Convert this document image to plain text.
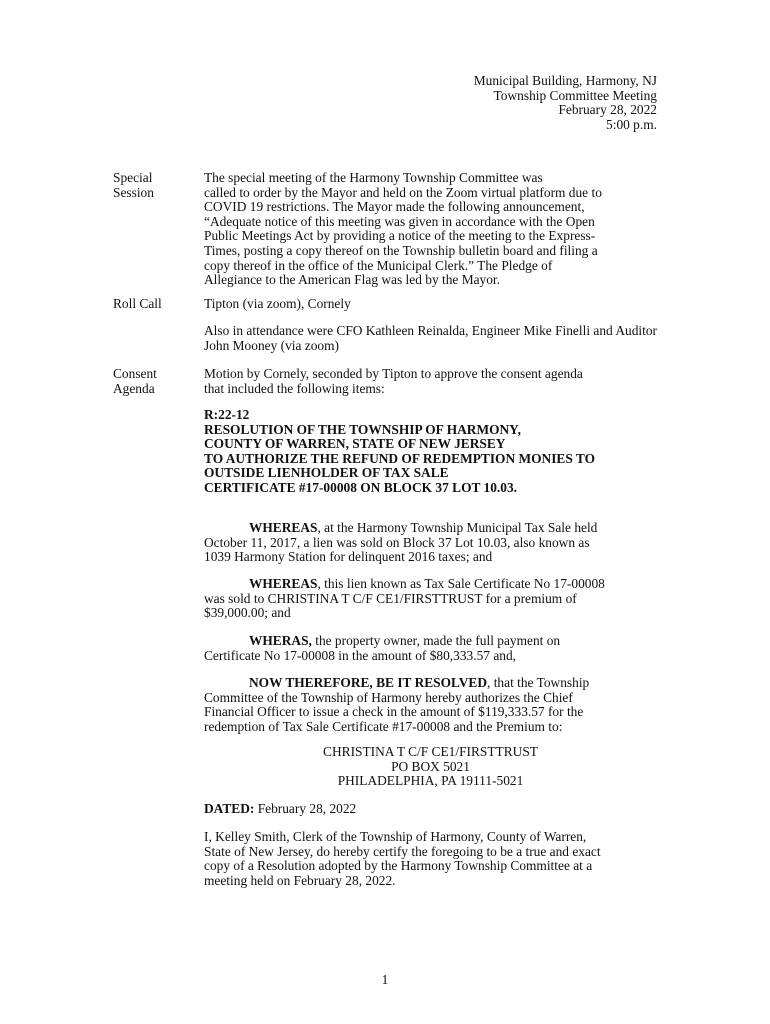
Municipal Building, Harmony, NJ
Township Committee Meeting
February 28, 2022
5:00 p.m.
Special
Session
The special meeting of the Harmony Township Committee was
called to order by the Mayor and held on the Zoom virtual platform due to
COVID 19 restrictions. The Mayor made the following announcement,
“Adequate notice of this meeting was given in accordance with the Open
Public Meetings Act by providing a notice of the meeting to the Express-
Times, posting a copy thereof on the Township bulletin board and filing a
copy thereof in the office of the Municipal Clerk.” The Pledge of
Allegiance to the American Flag was led by the Mayor.
Roll Call	Tipton (via zoom), Cornely
Also in attendance were CFO Kathleen Reinalda, Engineer Mike Finelli and Auditor John Mooney (via zoom)
Consent
Agenda
Motion by Cornely, seconded by Tipton to approve the consent agenda
that included the following items:
R:22-12
RESOLUTION OF THE TOWNSHIP OF HARMONY,
COUNTY OF WARREN, STATE OF NEW JERSEY
TO AUTHORIZE THE REFUND OF REDEMPTION MONIES TO
OUTSIDE LIENHOLDER OF TAX SALE
CERTIFICATE #17-00008 ON BLOCK 37 LOT 10.03.
WHEREAS, at the Harmony Township Municipal Tax Sale held
October 11, 2017, a lien was sold on Block 37 Lot 10.03, also known as
1039 Harmony Station for delinquent 2016 taxes; and
WHEREAS, this lien known as Tax Sale Certificate No 17-00008
was sold to CHRISTINA T C/F CE1/FIRSTTRUST for a premium of
$39,000.00; and
WHERAS, the property owner, made the full payment on
Certificate No 17-00008 in the amount of $80,333.57 and,
NOW THEREFORE, BE IT RESOLVED, that the Township
Committee of the Township of Harmony hereby authorizes the Chief
Financial Officer to issue a check in the amount of $119,333.57 for the
redemption of Tax Sale Certificate #17-00008 and the Premium to:
CHRISTINA T C/F CE1/FIRSTTRUST
PO BOX 5021
PHILADELPHIA, PA 19111-5021
DATED: February 28, 2022
I, Kelley Smith, Clerk of the Township of Harmony, County of Warren,
State of New Jersey, do hereby certify the foregoing to be a true and exact
copy of a Resolution adopted by the Harmony Township Committee at a
meeting held on February 28, 2022.
1
